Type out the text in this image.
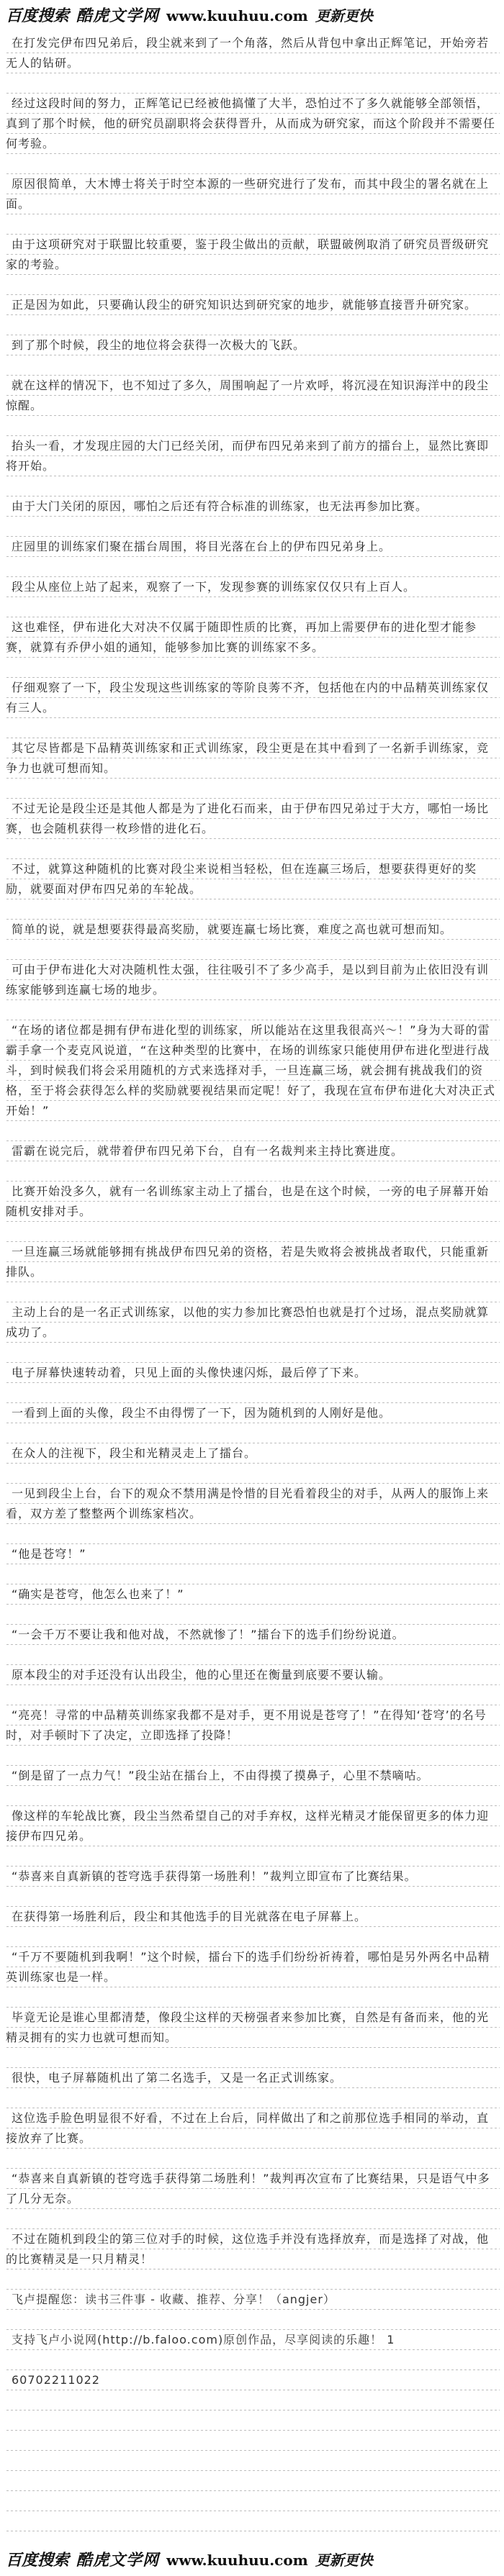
百度搜索 酷虎文学网 www.kuuhuu.com 更新更快

在打发完伊布四兄弟后，段尘就来到了一个角落，然后从背包中拿出正辉笔记，开始旁若无人的钻研。

经过这段时间的努力，正辉笔记已经被他搞懂了大半，恐怕过不了多久就能够全部领悟，真到了那个时候，他的研究员副职将会获得晋升，从而成为研究家，而这个阶段并不需要任何考验。

原因很简单，大木博士将关于时空本源的一些研究进行了发布，而其中段尘的署名就在上面。

由于这项研究对于联盟比较重要，鉴于段尘做出的贡献，联盟破例取消了研究员晋级研究家的考验。

正是因为如此，只要确认段尘的研究知识达到研究家的地步，就能够直接晋升研究家。

到了那个时候，段尘的地位将会获得一次极大的飞跃。

就在这样的情况下，也不知过了多久，周围响起了一片欢呼，将沉浸在知识海洋中的段尘惊醒。

抬头一看，才发现庄园的大门已经关闭，而伊布四兄弟来到了前方的擂台上，显然比赛即将开始。

由于大门关闭的原因，哪怕之后还有符合标准的训练家，也无法再参加比赛。

庄园里的训练家们聚在擂台周围，将目光落在台上的伊布四兄弟身上。

段尘从座位上站了起来，观察了一下，发现参赛的训练家仅仅只有上百人。

这也难怪，伊布进化大对决不仅属于随即性质的比赛，再加上需要伊布的进化型才能参赛，就算有乔伊小姐的通知，能够参加比赛的训练家不多。

仔细观察了一下，段尘发现这些训练家的等阶良莠不齐，包括他在内的中品精英训练家仅有三人。

其它尽皆都是下品精英训练家和正式训练家，段尘更是在其中看到了一名新手训练家，竞争力也就可想而知。

不过无论是段尘还是其他人都是为了进化石而来，由于伊布四兄弟过于大方，哪怕一场比赛，也会随机获得一枚珍惜的进化石。

不过，就算这种随机的比赛对段尘来说相当轻松，但在连赢三场后，想要获得更好的奖励，就要面对伊布四兄弟的车轮战。

简单的说，就是想要获得最高奖励，就要连赢七场比赛，难度之高也就可想而知。

可由于伊布进化大对决随机性太强，往往吸引不了多少高手，是以到目前为止依旧没有训练家能够到连赢七场的地步。

“在场的诸位都是拥有伊布进化型的训练家，所以能站在这里我很高兴～！”身为大哥的雷霸手拿一个麦克风说道，“在这种类型的比赛中，在场的训练家只能使用伊布进化型进行战斗，到时候我们将会采用随机的方式来选择对手，一旦连赢三场，就会拥有挑战我们的资格，至于将会获得怎么样的奖励就要视结果而定呢！好了，我现在宣布伊布进化大对决正式开始！”

雷霸在说完后，就带着伊布四兄弟下台，自有一名裁判来主持比赛进度。

比赛开始没多久，就有一名训练家主动上了擂台，也是在这个时候，一旁的电子屏幕开始随机安排对手。

一旦连赢三场就能够拥有挑战伊布四兄弟的资格，若是失败将会被挑战者取代，只能重新排队。

主动上台的是一名正式训练家，以他的实力参加比赛恐怕也就是打个过场，混点奖励就算成功了。

电子屏幕快速转动着，只见上面的头像快速闪烁，最后停了下来。

一看到上面的头像，段尘不由得愣了一下，因为随机到的人刚好是他。

在众人的注视下，段尘和光精灵走上了擂台。

一见到段尘上台，台下的观众不禁用满是怜惜的目光看着段尘的对手，从两人的服饰上来看，双方差了整整两个训练家档次。

“他是苍穹！”

“确实是苍穹，他怎么也来了！”

“一会千万不要让我和他对战，不然就惨了！”擂台下的选手们纷纷说道。

原本段尘的对手还没有认出段尘，他的心里还在衡量到底要不要认输。

“亮亮！寻常的中品精英训练家我都不是对手，更不用说是苍穹了！”在得知‘苍穹’的名号时，对手顿时下了决定，立即选择了投降！

“倒是留了一点力气！”段尘站在擂台上，不由得摸了摸鼻子，心里不禁嘀咕。

像这样的车轮战比赛，段尘当然希望自己的对手弃权，这样光精灵才能保留更多的体力迎接伊布四兄弟。

“恭喜来自真新镇的苍穹选手获得第一场胜利！”裁判立即宣布了比赛结果。

在获得第一场胜利后，段尘和其他选手的目光就落在电子屏幕上。

“千万不要随机到我啊！”这个时候，擂台下的选手们纷纷祈祷着，哪怕是另外两名中品精英训练家也是一样。

毕竟无论是谁心里都清楚，像段尘这样的天榜强者来参加比赛，自然是有备而来，他的光精灵拥有的实力也就可想而知。

很快，电子屏幕随机出了第二名选手，又是一名正式训练家。

这位选手脸色明显很不好看，不过在上台后，同样做出了和之前那位选手相同的举动，直接放弃了比赛。

“恭喜来自真新镇的苍穹选手获得第二场胜利！”裁判再次宣布了比赛结果，只是语气中多了几分无奈。

不过在随机到段尘的第三位对手的时候，这位选手并没有选择放弃，而是选择了对战，他的比赛精灵是一只月精灵！

飞卢提醒您：读书三件事 - 收藏、推荐、分享！（angjer）

支持飞卢小说网(http://b.faloo.com)原创作品，尽享阅读的乐趣！ 1

60702211022

百度搜索 酷虎文学网 www.kuuhuu.com 更新更快
